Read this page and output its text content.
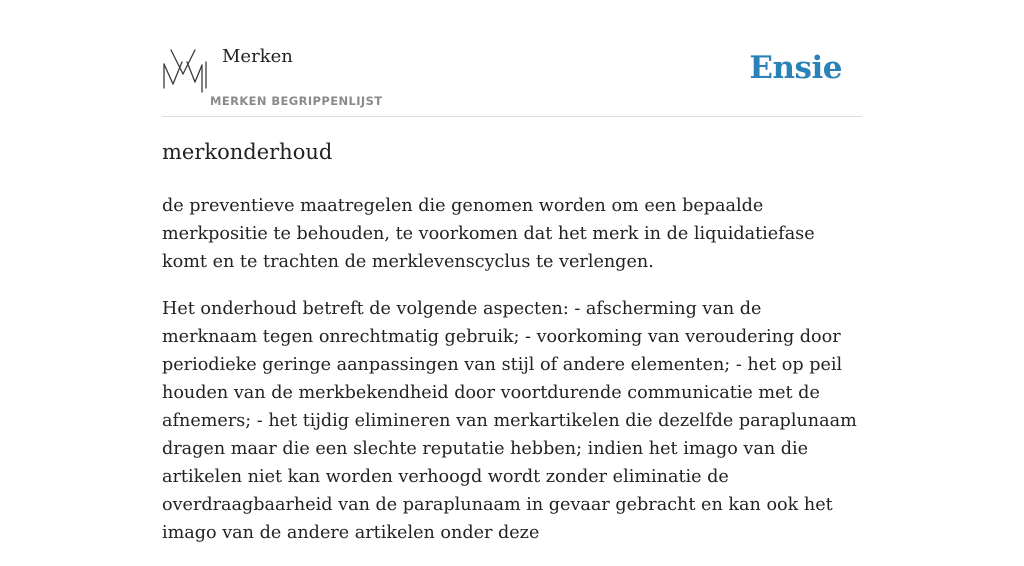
Merken
MERKEN BEGRIPPENLIJST
Ensie
merkonderhoud

de preventieve maatregelen die genomen worden om een bepaalde merkpositie te behouden, te voorkomen dat het merk in de liquidatiefase komt en te trachten de merklevenscyclus te verlengen.

Het onderhoud betreft de volgende aspecten: - afscherming van de merknaam tegen onrechtmatig gebruik; - voorkoming van veroudering door periodieke geringe aanpassingen van stijl of andere elementen; - het op peil houden van de merkbekendheid door voortdurende communicatie met de afnemers; - het tijdig elimineren van merkartikelen die dezelfde paraplunaam dragen maar die een slechte reputatie hebben; indien het imago van die artikelen niet kan worden verhoogd wordt zonder eliminatie de overdraagbaarheid van de paraplunaam in gevaar gebracht en kan ook het imago van de andere artikelen onder deze
